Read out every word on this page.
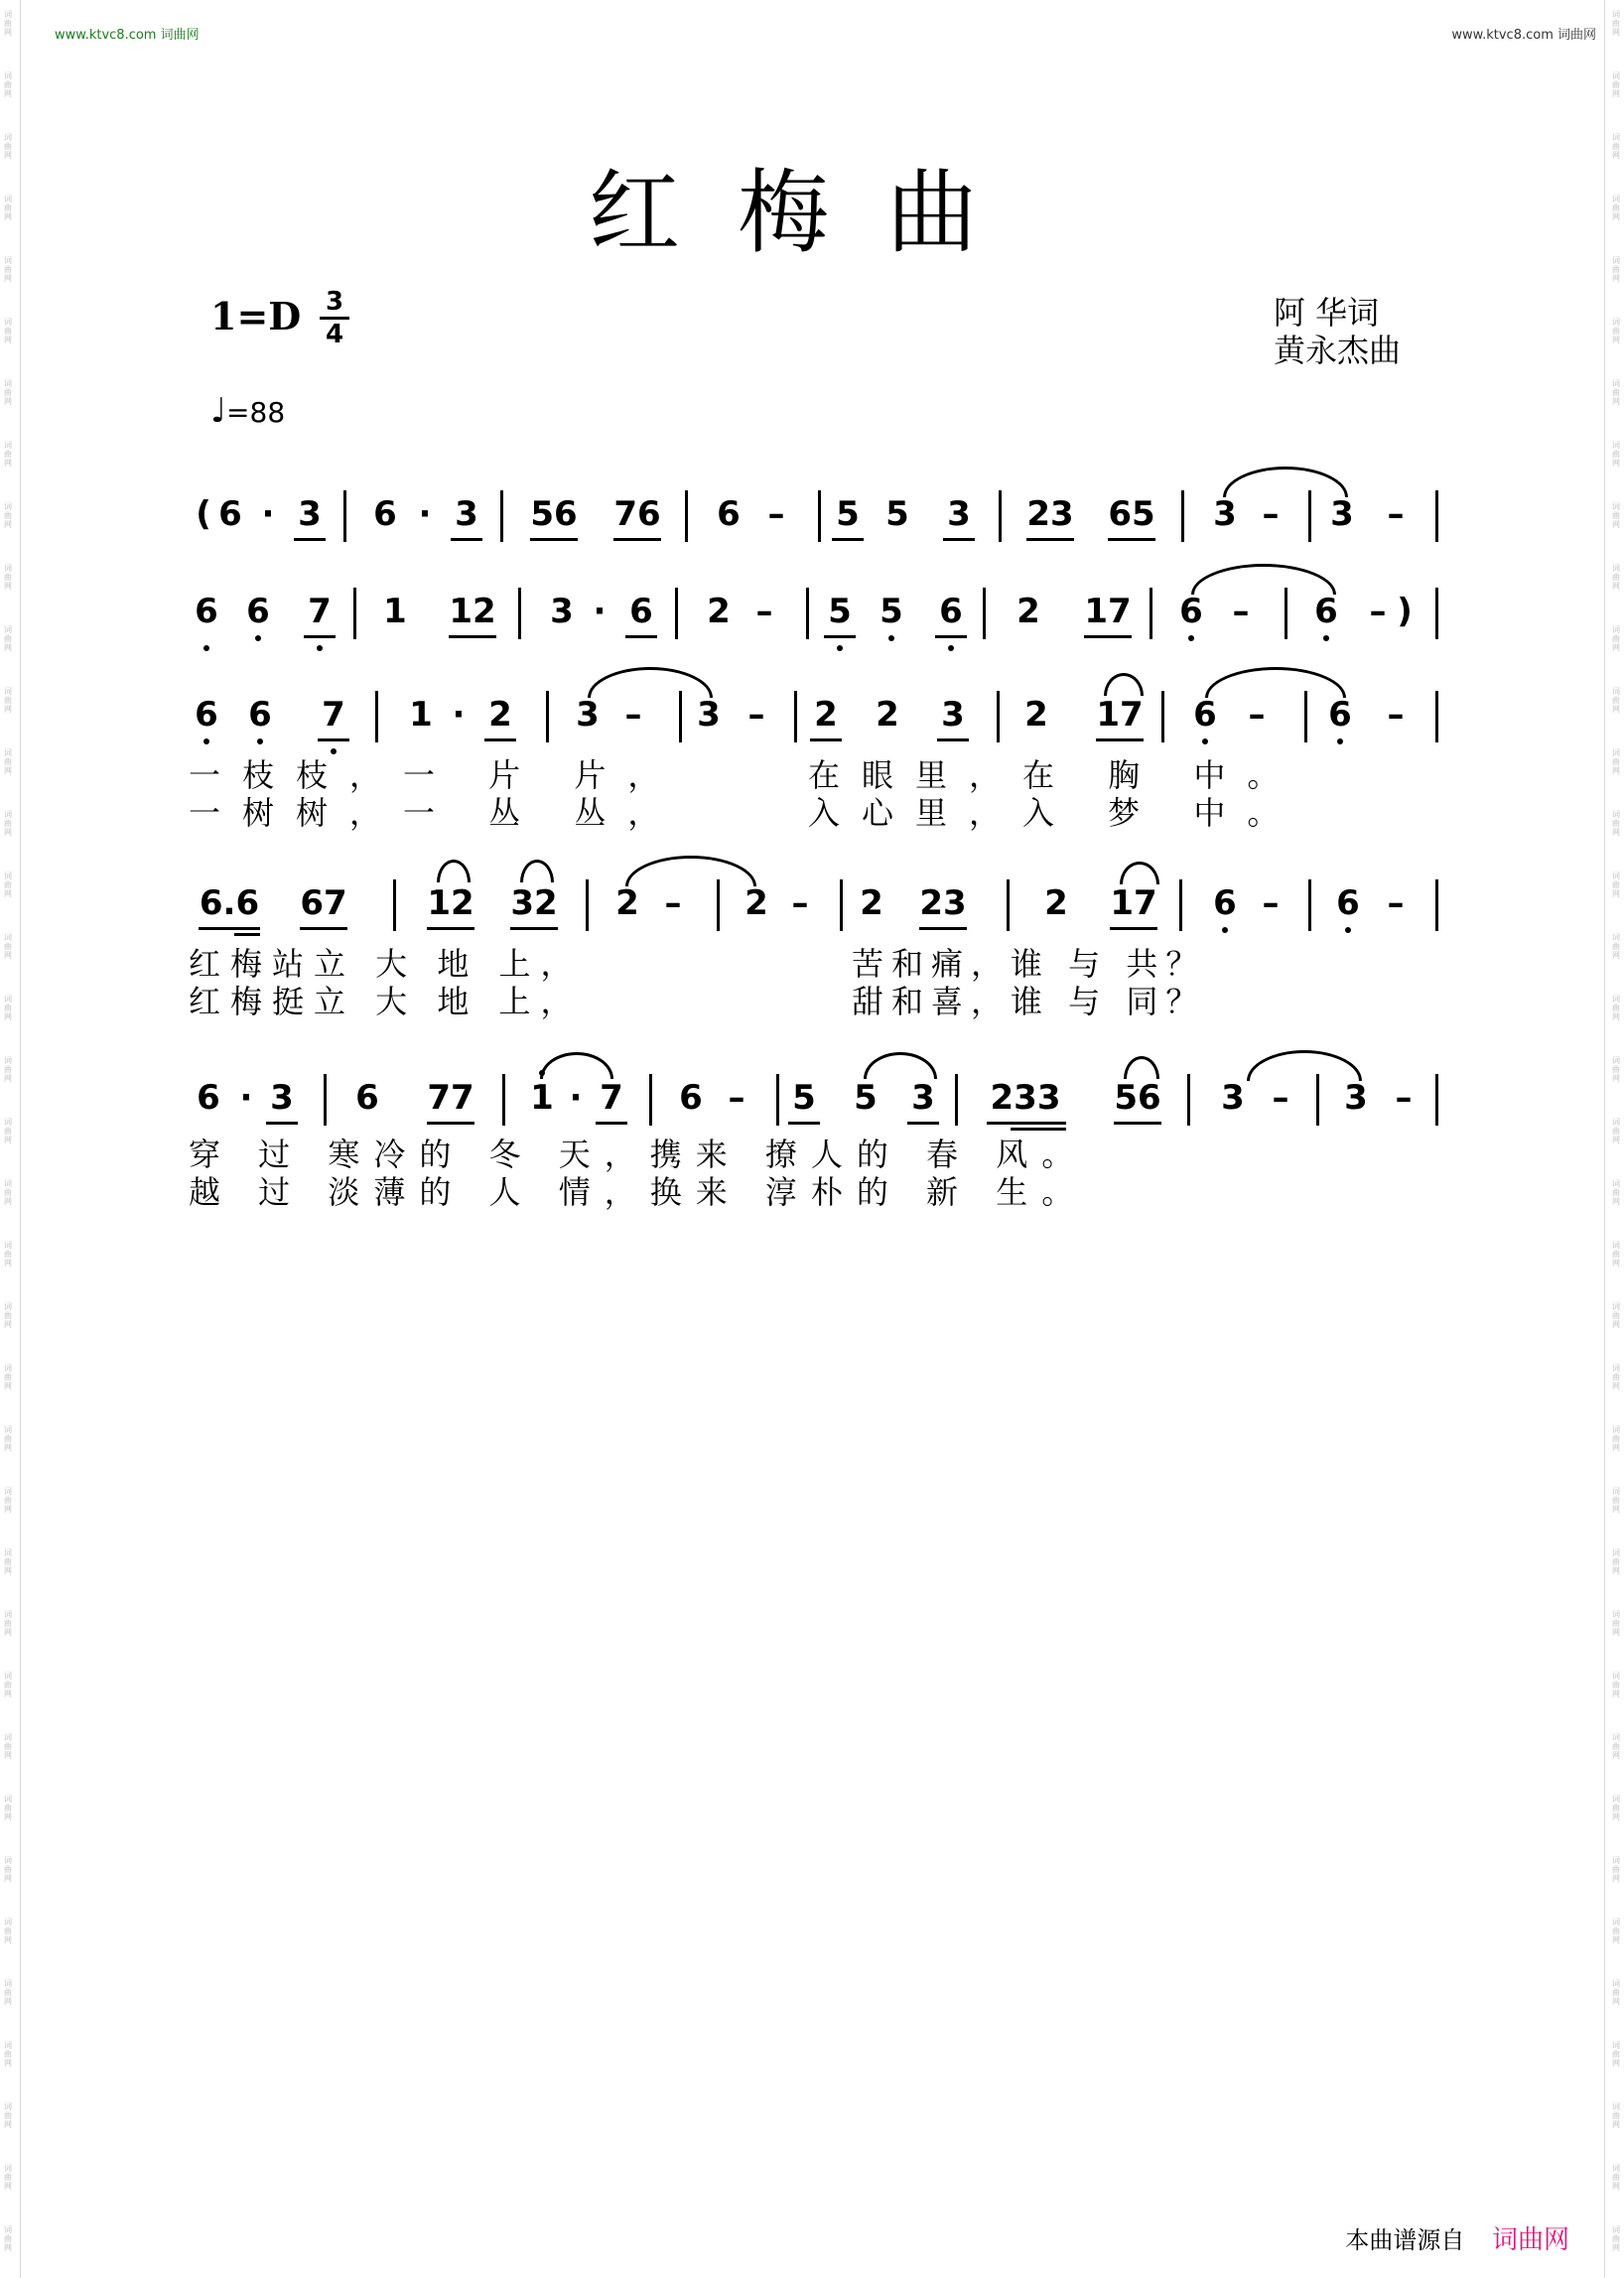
词
曲
网
词
曲
网
词
曲
网
词
曲
网
词
曲
网
词
曲
网
词
曲
网
词
曲
网
词
曲
网
词
曲
网
词
曲
网
词
曲
网
词
曲
网
词
曲
网
词
曲
网
词
曲
网
词
曲
网
词
曲
网
词
曲
网
词
曲
网
词
曲
网
词
曲
网
词
曲
网
词
曲
网
词
曲
网
词
曲
网
词
曲
网
词
曲
网
词
曲
网
词
曲
网
词
曲
网
词
曲
网
词
曲
网
词
曲
网
词
曲
网
词
曲
网
词
曲
网
词
曲
网
词
曲
网
词
曲
网
词
曲
网
词
曲
网
词
曲
网
词
曲
网
词
曲
网
词
曲
网
词
曲
网
词
曲
网
词
曲
网
词
曲
网
词
曲
网
词
曲
网
词
曲
网
词
曲
网
词
曲
网
词
曲
网
词
曲
网
词
曲
网
词
曲
网
词
曲
网
词
曲
网
词
曲
网
词
曲
网
词
曲
网
词
曲
网
词
曲
网
词
曲
网
词
曲
网
词
曲
网
词
曲
网
词
曲
网
词
曲
网
词
曲
网
词
曲
网
www.ktvc8.com 词曲网	www.ktvc8.com 词曲网
红梅曲
1=D 3
4
阿 华词
黄永杰曲
♩=88
( 6 · 3 6 · 3 56 76 6 –	5 5 3 23 65 3 –	3 –
6 6 7 1 12 3 · 6 2 –	5 5 6 2 17 6 –	6 – )
6 6 7 1 · 2 3 –	3 –	2 2 3 2 17 6 –	6	–
一枝枝，一 片 片，	在眼里，在 胸 中。
一树树，一 丛 丛，	入心里，入 梦 中。
6.6 67 12 32 2 –	2 –	2 23 2 17 6 –	6 –
红梅站立 大 地 上，	苦和痛，谁 与 共？
红梅挺立 大 地 上，	甜和喜，谁 与 同？
6 · 3 6 77 1 · 7 6 –	5 5 3 233 56 3 –	3 –
穿 过 寒冷的 冬 天，携来 撩人的 春 风。
越 过 淡薄的 人 情，换来 淳朴的 新 生。
本曲谱源自 词曲网
